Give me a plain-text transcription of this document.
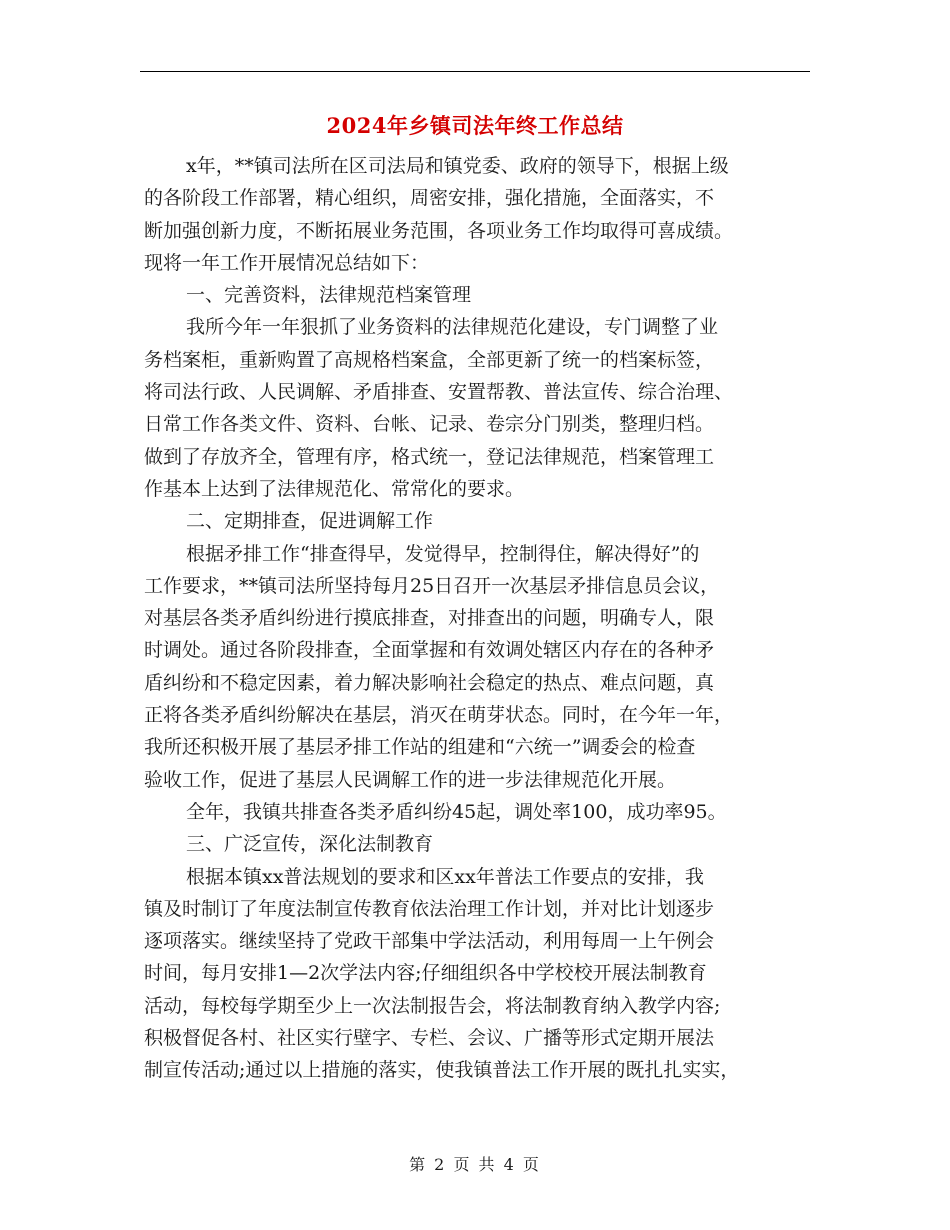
2024年乡镇司法年终工作总结
x年，**镇司法所在区司法局和镇党委、政府的领导下，根据上级
的各阶段工作部署，精心组织，周密安排，强化措施，全面落实，不
断加强创新力度，不断拓展业务范围，各项业务工作均取得可喜成绩。
现将一年工作开展情况总结如下：
一、完善资料，法律规范档案管理
我所今年一年狠抓了业务资料的法律规范化建设，专门调整了业
务档案柜，重新购置了高规格档案盒，全部更新了统一的档案标签，
将司法行政、人民调解、矛盾排查、安置帮教、普法宣传、综合治理、
日常工作各类文件、资料、台帐、记录、卷宗分门别类，整理归档。
做到了存放齐全，管理有序，格式统一，登记法律规范，档案管理工
作基本上达到了法律规范化、常常化的要求。
二、定期排查，促进调解工作
根据矛排工作“排查得早，发觉得早，控制得住，解决得好”的
工作要求，**镇司法所坚持每月25日召开一次基层矛排信息员会议，
对基层各类矛盾纠纷进行摸底排查，对排查出的问题，明确专人，限
时调处。通过各阶段排查，全面掌握和有效调处辖区内存在的各种矛
盾纠纷和不稳定因素，着力解决影响社会稳定的热点、难点问题，真
正将各类矛盾纠纷解决在基层，消灭在萌芽状态。同时，在今年一年，
我所还积极开展了基层矛排工作站的组建和“六统一”调委会的检查
验收工作，促进了基层人民调解工作的进一步法律规范化开展。
全年，我镇共排查各类矛盾纠纷45起，调处率100，成功率95。
三、广泛宣传，深化法制教育
根据本镇xx普法规划的要求和区xx年普法工作要点的安排，我
镇及时制订了年度法制宣传教育依法治理工作计划，并对比计划逐步
逐项落实。继续坚持了党政干部集中学法活动，利用每周一上午例会
时间，每月安排1—2次学法内容;仔细组织各中学校校开展法制教育
活动，每校每学期至少上一次法制报告会，将法制教育纳入教学内容;
积极督促各村、社区实行壁字、专栏、会议、广播等形式定期开展法
制宣传活动;通过以上措施的落实，使我镇普法工作开展的既扎扎实实，
第 2 页 共 4 页
